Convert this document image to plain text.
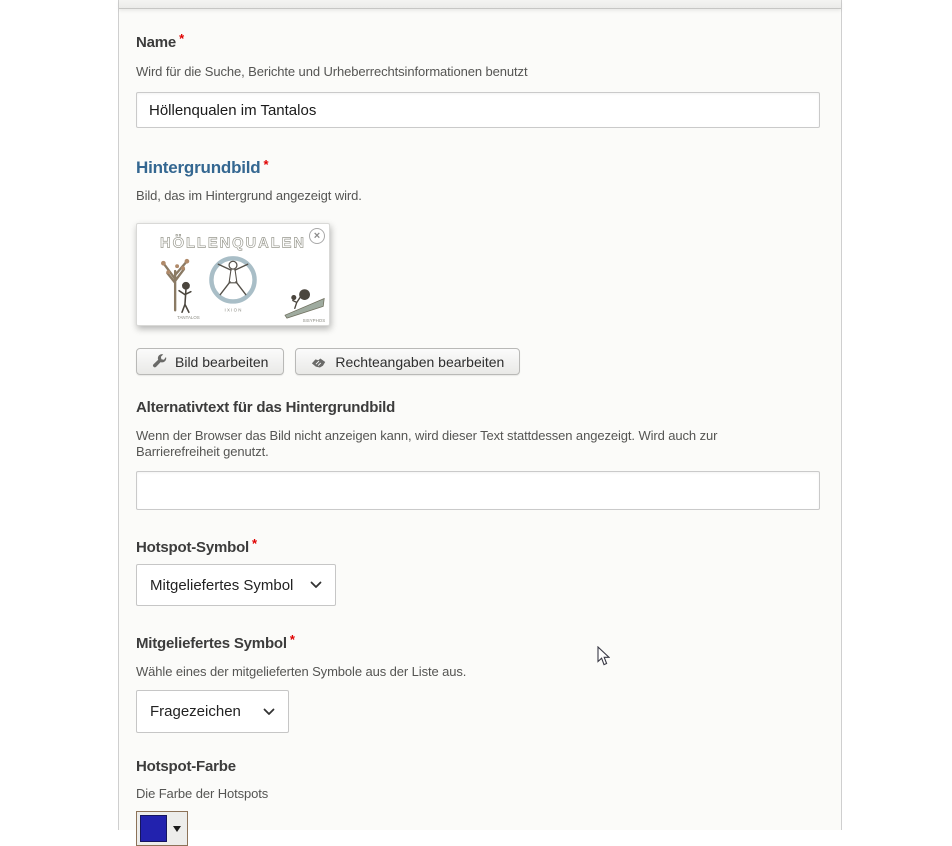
Name *
Wird für die Suche, Berichte und Urheberrechtsinformationen benutzt
Höllenqualen im Tantalos
Hintergrundbild *
Bild, das im Hintergrund angezeigt wird.
HÖLLENQUALEN
TANTALOS
I X I O N
SISYPHOS
×
Bild bearbeiten	Rechteangaben bearbeiten
Alternativtext für das Hintergrundbild
Wenn der Browser das Bild nicht anzeigen kann, wird dieser Text stattdessen angezeigt. Wird auch zur Barrierefreiheit genutzt.
Hotspot-Symbol *
Mitgeliefertes Symbol
Mitgeliefertes Symbol *
Wähle eines der mitgelieferten Symbole aus der Liste aus.
Fragezeichen
Hotspot-Farbe
Die Farbe der Hotspots
